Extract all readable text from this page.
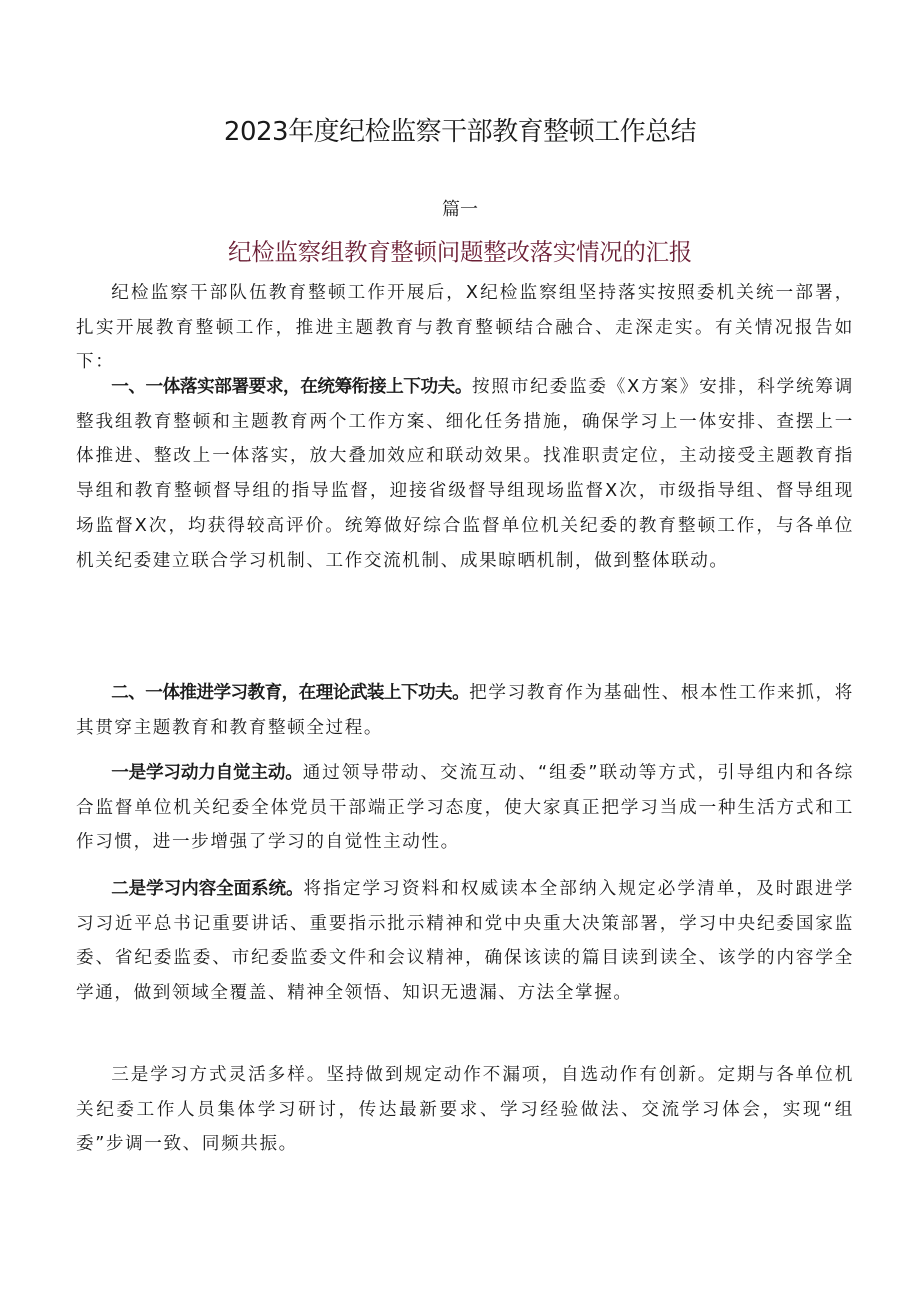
2023年度纪检监察干部教育整顿工作总结
篇一
纪检监察组教育整顿问题整改落实情况的汇报

纪检监察干部队伍教育整顿工作开展后，X纪检监察组坚持落实按照委机关统一部署，扎实开展教育整顿工作，推进主题教育与教育整顿结合融合、走深走实。有关情况报告如下：

一、一体落实部署要求，在统筹衔接上下功夫。按照市纪委监委《X方案》安排，科学统筹调整我组教育整顿和主题教育两个工作方案、细化任务措施，确保学习上一体安排、查摆上一体推进、整改上一体落实，放大叠加效应和联动效果。找准职责定位，主动接受主题教育指导组和教育整顿督导组的指导监督，迎接省级督导组现场监督X次，市级指导组、督导组现场监督X次，均获得较高评价。统筹做好综合监督单位机关纪委的教育整顿工作，与各单位机关纪委建立联合学习机制、工作交流机制、成果晾晒机制，做到整体联动。

二、一体推进学习教育，在理论武装上下功夫。把学习教育作为基础性、根本性工作来抓，将其贯穿主题教育和教育整顿全过程。

一是学习动力自觉主动。通过领导带动、交流互动、“组委”联动等方式，引导组内和各综合监督单位机关纪委全体党员干部端正学习态度，使大家真正把学习当成一种生活方式和工作习惯，进一步增强了学习的自觉性主动性。

二是学习内容全面系统。将指定学习资料和权威读本全部纳入规定必学清单，及时跟进学习习近平总书记重要讲话、重要指示批示精神和党中央重大决策部署，学习中央纪委国家监委、省纪委监委、市纪委监委文件和会议精神，确保该读的篇目读到读全、该学的内容学全学通，做到领域全覆盖、精神全领悟、知识无遗漏、方法全掌握。

三是学习方式灵活多样。坚持做到规定动作不漏项，自选动作有创新。定期与各单位机关纪委工作人员集体学习研讨，传达最新要求、学习经验做法、交流学习体会，实现“组委”步调一致、同频共振。
